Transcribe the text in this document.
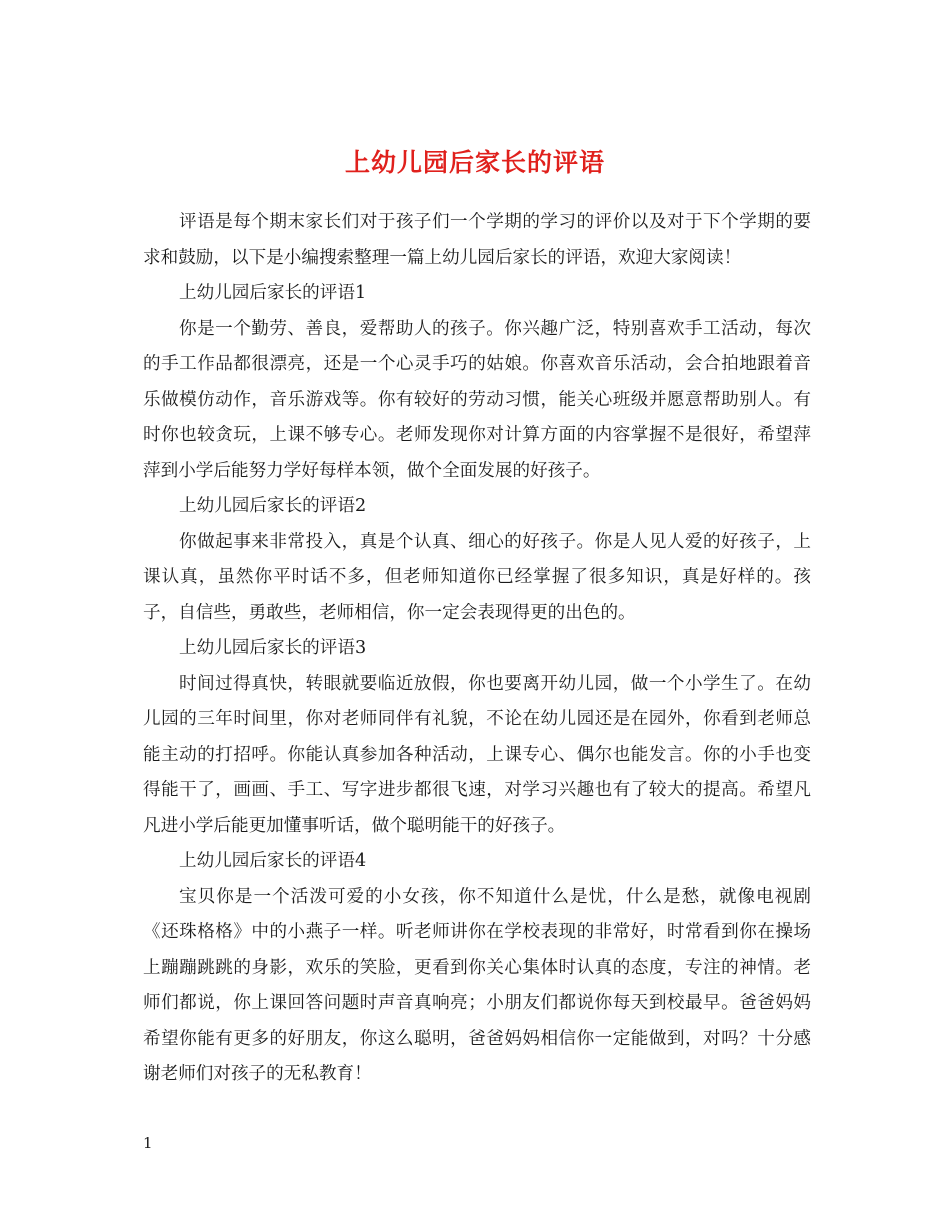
上幼儿园后家长的评语

评语是每个期末家长们对于孩子们一个学期的学习的评价以及对于下个学期的要求和鼓励，以下是小编搜索整理一篇上幼儿园后家长的评语，欢迎大家阅读！

上幼儿园后家长的评语1

你是一个勤劳、善良，爱帮助人的孩子。你兴趣广泛，特别喜欢手工活动，每次的手工作品都很漂亮，还是一个心灵手巧的姑娘。你喜欢音乐活动，会合拍地跟着音乐做模仿动作，音乐游戏等。你有较好的劳动习惯，能关心班级并愿意帮助别人。有时你也较贪玩，上课不够专心。老师发现你对计算方面的内容掌握不是很好，希望萍萍到小学后能努力学好每样本领，做个全面发展的好孩子。

上幼儿园后家长的评语2

你做起事来非常投入，真是个认真、细心的好孩子。你是人见人爱的好孩子，上课认真，虽然你平时话不多，但老师知道你已经掌握了很多知识，真是好样的。孩子，自信些，勇敢些，老师相信，你一定会表现得更的出色的。

上幼儿园后家长的评语3

时间过得真快，转眼就要临近放假，你也要离开幼儿园，做一个小学生了。在幼儿园的三年时间里，你对老师同伴有礼貌，不论在幼儿园还是在园外，你看到老师总能主动的打招呼。你能认真参加各种活动，上课专心、偶尔也能发言。你的小手也变得能干了，画画、手工、写字进步都很飞速，对学习兴趣也有了较大的提高。希望凡凡进小学后能更加懂事听话，做个聪明能干的好孩子。

上幼儿园后家长的评语4

宝贝你是一个活泼可爱的小女孩，你不知道什么是忧，什么是愁，就像电视剧《还珠格格》中的小燕子一样。听老师讲你在学校表现的非常好，时常看到你在操场上蹦蹦跳跳的身影，欢乐的笑脸，更看到你关心集体时认真的态度，专注的神情。老师们都说，你上课回答问题时声音真响亮；小朋友们都说你每天到校最早。爸爸妈妈希望你能有更多的好朋友，你这么聪明，爸爸妈妈相信你一定能做到，对吗？十分感谢老师们对孩子的无私教育！

1
